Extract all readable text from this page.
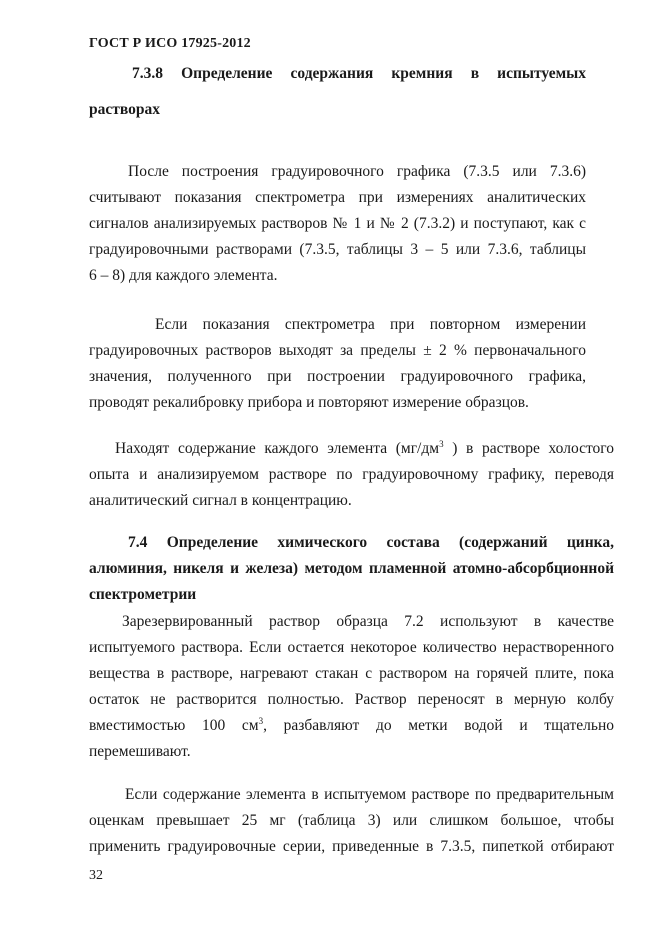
ГОСТ Р ИСО 17925-2012
7.3.8 Определение содержания кремния в испытуемых
растворах
После построения градуировочного графика (7.3.5 или 7.3.6)
считывают показания спектрометра при измерениях аналитических
сигналов анализируемых растворов № 1 и № 2 (7.3.2) и поступают, как с
градуировочными растворами (7.3.5, таблицы 3 – 5 или 7.3.6, таблицы
6 – 8) для каждого элемента.
Если показания спектрометра при повторном измерении
градуировочных растворов выходят за пределы ± 2 % первоначального
значения, полученного при построении градуировочного графика,
проводят рекалибровку прибора и повторяют измерение образцов.
Находят содержание каждого элемента ($мг/дм^3$ ) в растворе холостого
опыта и анализируемом растворе по градуировочному графику, переводя
аналитический сигнал в концентрацию.
7.4 Определение химического состава (содержаний цинка,
алюминия, никеля и железа) методом пламенной атомно-абсорбционной
спектрометрии
Зарезервированный раствор образца 7.2 используют в качестве
испытуемого раствора. Если остается некоторое количество нерастворенного
вещества в растворе, нагревают стакан с раствором на горячей плите, пока
остаток не растворится полностью. Раствор переносят в мерную колбу
вместимостью 100 $см^3$, разбавляют до метки водой и тщательно
перемешивают.
Если содержание элемента в испытуемом растворе по предварительным
оценкам превышает 25 мг (таблица 3) или слишком большое, чтобы
применить градуировочные серии, приведенные в 7.3.5, пипеткой отбирают
32
